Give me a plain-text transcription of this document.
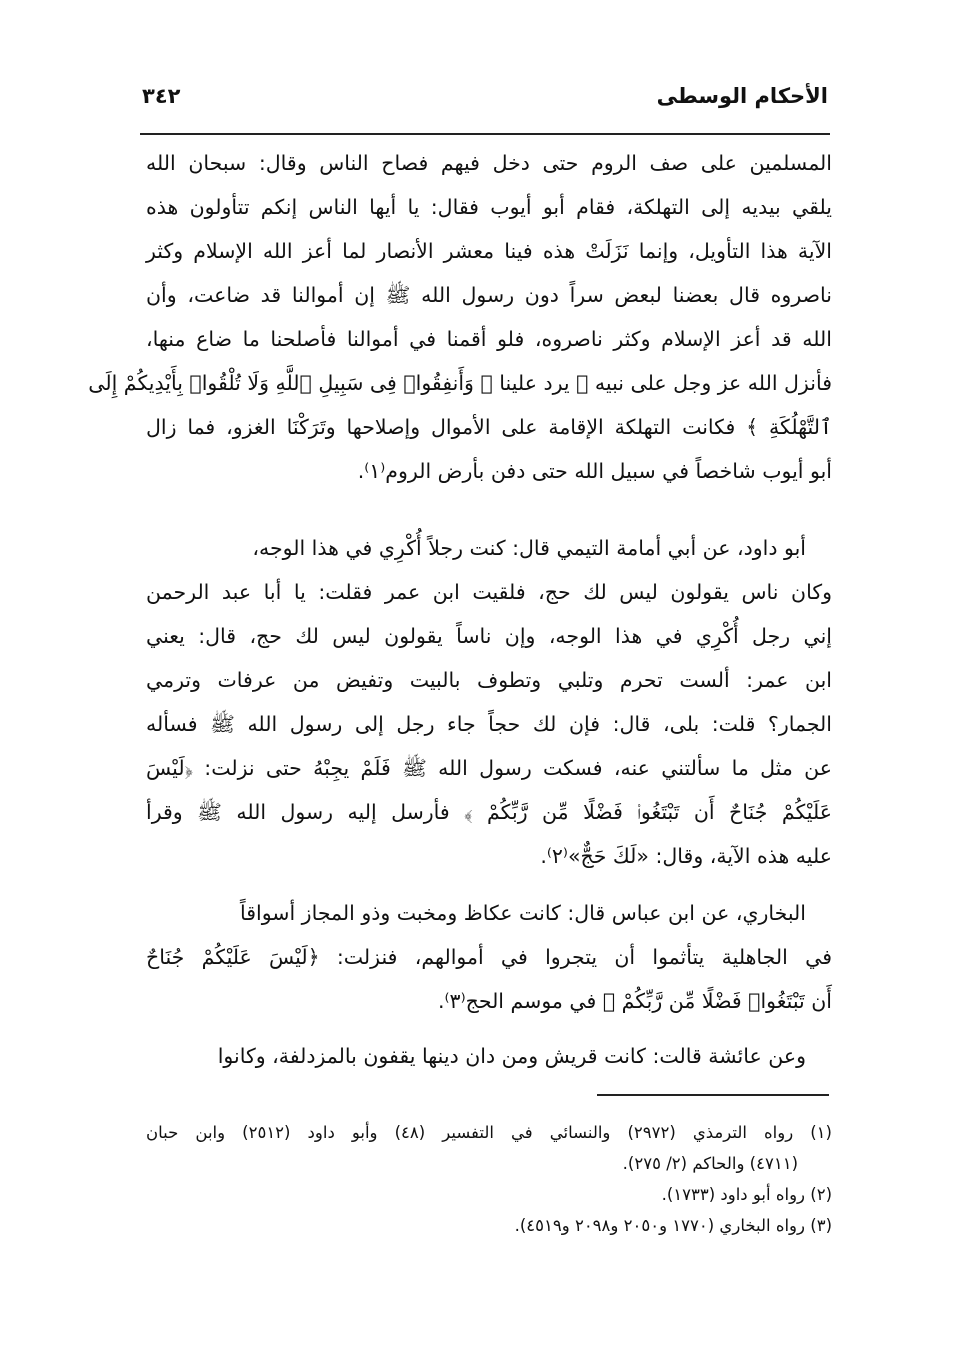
٣٤٢	الأحكام الوسطى
المسلمين على صف الروم حتى دخل فيهم فصاح الناس وقال: سبحان الله
يلقي بيديه إلى التهلكة، فقام أبو أيوب فقال: يا أيها الناس إنكم تتأولون هذه
الآية هذا التأويل، وإنما نَزَلَتْ هذه فينا معشر الأنصار لما أعز الله الإسلام وكثر
ناصروه قال بعضنا لبعض سراً دون رسول الله ﷺ إن أموالنا قد ضاعت، وأن
الله قد أعز الإسلام وكثر ناصروه، فلو أقمنا في أموالنا فأصلحنا ما ضاع منها،
فأنزل الله عز وجل على نبيه ﷺ يرد علينا ﴿ وَأَنفِقُوا۟ فِى سَبِيلِ ٱللَّهِ وَلَا تُلْقُوا۟ بِأَيْدِيكُمْ إِلَى
ٱلتَّهْلُكَةِ ﴾ فكانت التهلكة الإقامة على الأموال وإصلاحها وتَرَكْنَا الغزو، فما زال
أبو أيوب شاخصاً في سبيل الله حتى دفن بأرض الروم⁽١⁾.
أبو داود، عن أبي أمامة التيمي قال: كنت رجلاً أُكْرِي في هذا الوجه،
وكان ناس يقولون ليس لك حج، فلقيت ابن عمر فقلت: يا أبا عبد الرحمن
إني رجل أُكْرِي في هذا الوجه، وإن ناساً يقولون ليس لك حج، قال: يعني
ابن عمر: ألست تحرم وتلبي وتطوف بالبيت وتفيض من عرفات وترمي
الجمار؟ قلت: بلى، قال: فإن لك حجاً جاء رجل إلى رسول الله ﷺ فسأله
عن مثل ما سألتني عنه، فسكت رسول الله ﷺ فَلَمْ يجِبْهُ حتى نزلت: ﴿لَيْسَ
عَلَيْكُمْ جُنَاحٌ أَن تَبْتَغُوا۟ فَضْلًا مِّن رَّبِّكُمْ ﴾ فأرسل إليه رسول الله ﷺ وقرأ
عليه هذه الآية، وقال: «لَكَ حَجٌّ»⁽٢⁾.
البخاري، عن ابن عباس قال: كانت عكاظ ومخبت وذو المجاز أسواقاً
في الجاهلية يتأثموا أن يتجروا في أموالهم، فنزلت: ﴿لَيْسَ عَلَيْكُمْ جُنَاحٌ
أَن تَبْتَغُوا۟ فَضْلًا مِّن رَّبِّكُمْ ﴾ في موسم الحج⁽٣⁾.
وعن عائشة قالت: كانت قريش ومن دان دينها يقفون بالمزدلفة، وكانوا
(١) رواه الترمذي (٢٩٧٢) والنسائي في التفسير (٤٨) وأبو داود (٢٥١٢) وابن حبان
(٤٧١١) والحاكم (٢/ ٢٧٥).
(٢) رواه أبو داود (١٧٣٣).
(٣) رواه البخاري (١٧٧٠ و٢٠٥٠ و٢٠٩٨ و٤٥١٩).
